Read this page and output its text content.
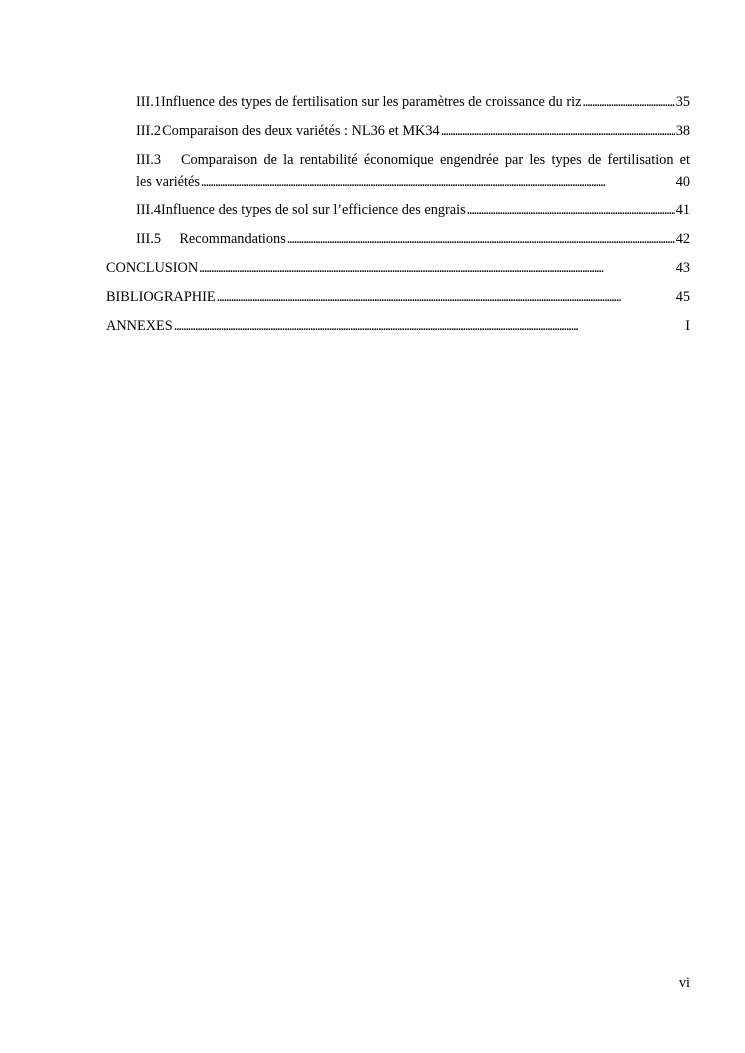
III.1 Influence des types de fertilisation sur les paramètres de croissance du riz . . .	35
III.2 Comparaison des deux variétés : NL36 et MK34 . . .	38
III.3	Comparaison de la rentabilité économique engendrée par les types de fertilisation et
les variétés . . .	40
III.4 Influence des types de sol sur l’efficience des engrais . . .	41
III.5	Recommandations . . .	42
CONCLUSION . . .	43
BIBLIOGRAPHIE . . .	45
ANNEXES . . .	I
vi
